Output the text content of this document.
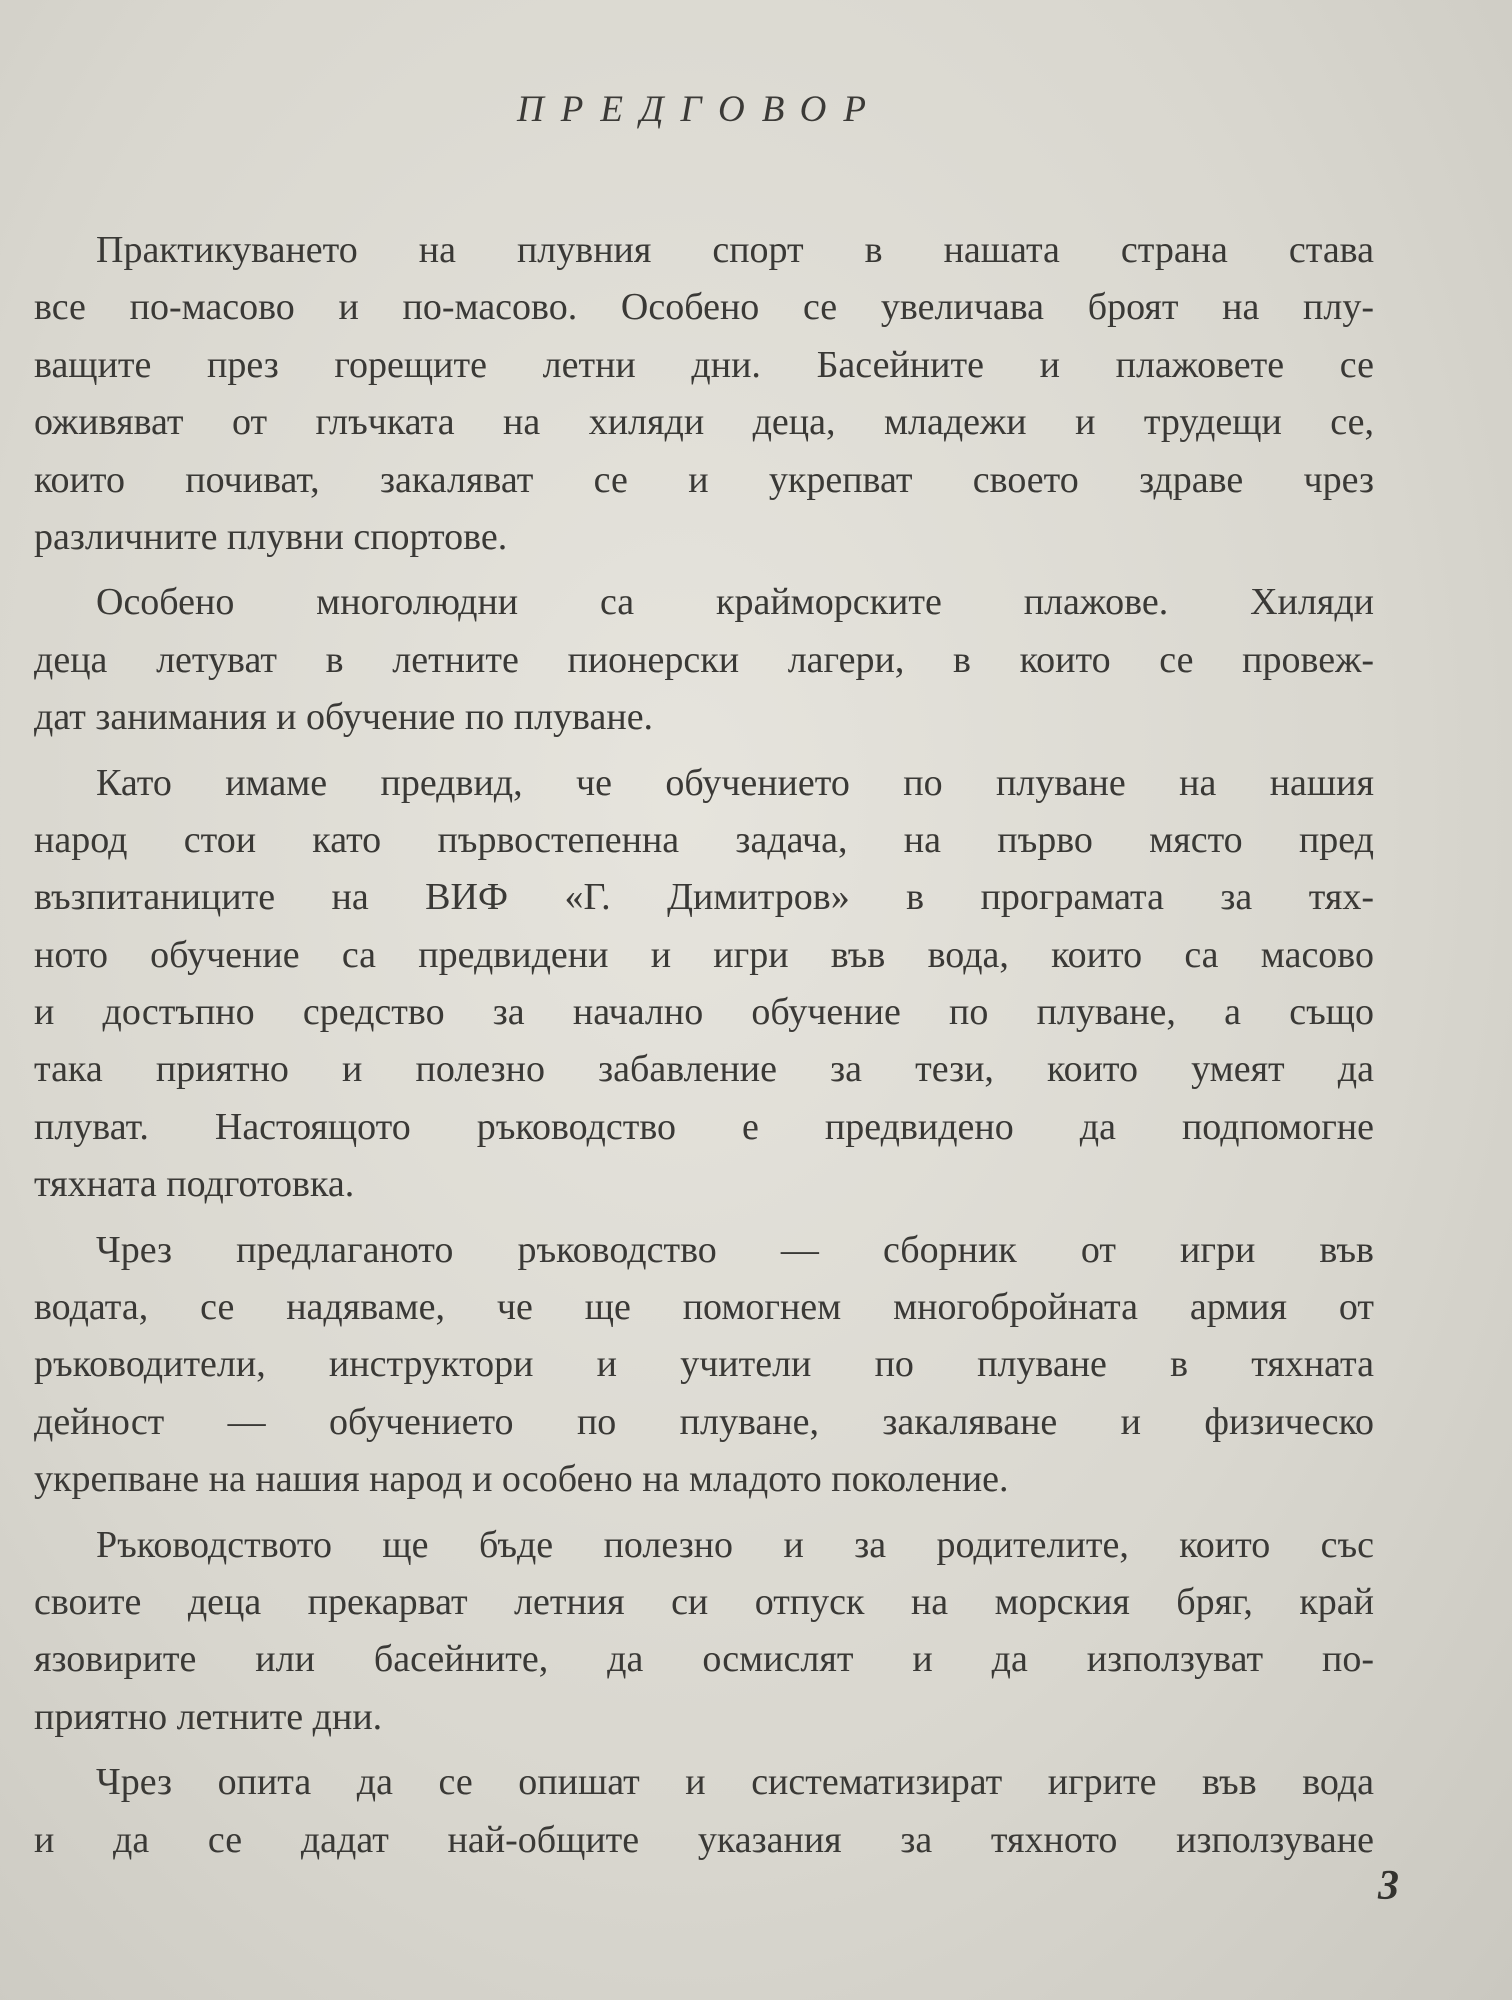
ПРЕДГОВОР
Практикуването на плувния спорт в нашата страна става
все по-масово и по-масово. Особено се увеличава броят на плу-
ващите през горещите летни дни. Басейните и плажовете се
оживяват от глъчката на хиляди деца, младежи и трудещи се,
които почиват, закаляват се и укрепват своето здраве чрез
различните плувни спортове.
Особено многолюдни са крайморските плажове. Хиляди
деца летуват в летните пионерски лагери, в които се провеж-
дат занимания и обучение по плуване.
Като имаме предвид, че обучението по плуване на нашия
народ стои като първостепенна задача, на първо място пред
възпитаниците на ВИФ «Г. Димитров» в програмата за тях-
ното обучение са предвидени и игри във вода, които са масово
и достъпно средство за начално обучение по плуване, а също
така приятно и полезно забавление за тези, които умеят да
плуват. Настоящото ръководство е предвидено да подпомогне
тяхната подготовка.
Чрез предлаганото ръководство — сборник от игри във
водата, се надяваме, че ще помогнем многобройната армия от
ръководители, инструктори и учители по плуване в тяхната
дейност — обучението по плуване, закаляване и физическо
укрепване на нашия народ и особено на младото поколение.
Ръководството ще бъде полезно и за родителите, които със
своите деца прекарват летния си отпуск на морския бряг, край
язовирите или басейните, да осмислят и да използуват по-
приятно летните дни.
Чрез опита да се опишат и систематизират игрите във вода
и да се дадат най-общите указания за тяхното използуване
3
